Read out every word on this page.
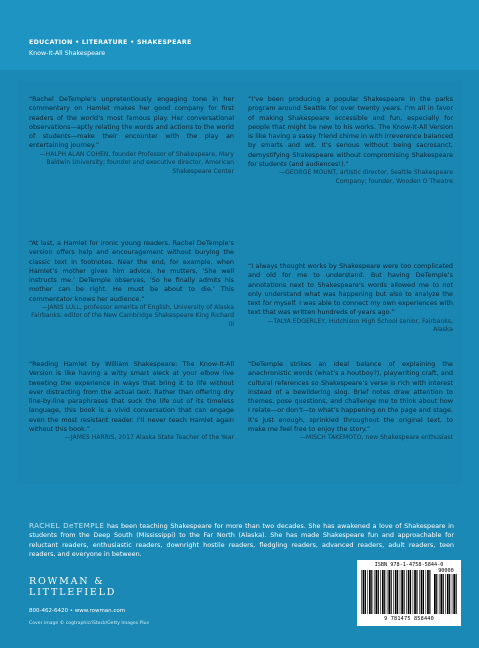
EDUCATION • LITERATURE • SHAKESPEARE
Know-It-All Shakespeare

“Rachel DeTemple’s unpretentiously engaging tone in her commentary on Hamlet makes her good company for first readers of the world’s most famous play. Her conversational observations—aptly relating the words and actions to the world of students—make their encounter with the play an entertaining journey.”

—HALPH ALAN COHEN, founder Professor of Shakespeare, Mary Baldwin University; founder and executive director, American Shakespeare Center

“At last, a Hamlet for ironic young readers. Rachel DeTemple’s version offers help and encouragement without burying the classic text in footnotes. Near the end, for example, when Hamlet’s mother gives him advice, he mutters, ‘She well instructs me.’ DeTemple observes, ‘So he finally admits his mother can be right. He must be about to die.’ This commentator knows her audience.”

—JANIS LULL, professor emerita of English, University of Alaska Fairbanks; editor of the New Cambridge Shakespeare King Richard III

“Reading Hamlet by William Shakespeare: The Know-It-All Version is like having a witty smart aleck at your elbow live tweeting the experience in ways that bring it to life without ever distracting from the actual text. Rather than offering dry line-by-line paraphrases that suck the life out of its timeless language, this book is a vivid conversation that can engage even the most resistant reader. I’ll never teach Hamlet again without this book.”

—JAMES HARRIS, 2017 Alaska State Teacher of the Year

“I’ve been producing a popular Shakespeare in the parks program around Seattle for over twenty years. I’m all in favor of making Shakespeare accessible and fun, especially for people that might be new to his works. The Know-It-All Version is like having a sassy friend chime in with irreverence balanced by smarts and wit. It’s serious without being sacrosanct, demystifying Shakespeare without compromising Shakespeare for students (and audiences!).”

—GEORGE MOUNT, artistic director, Seattle Shakespeare Company; founder, Wooden O Theatre

“I always thought works by Shakespeare were too complicated and old for me to understand. But having DeTemple’s annotations next to Shakespeare’s words allowed me to not only understand what was happening but also to analyze the text for myself. I was able to connect my own experiences with text that was written hundreds of years ago.”

—TALYA EDGERLEY, Hutchison High School senior, Fairbanks, Alaska

“DeTemple strikes an ideal balance of explaining the anachronistic words (what’s a houtboy?), playwriting craft, and cultural references so Shakespeare’s verse is rich with interest instead of a bewildering slog. Brief notes draw attention to themes, pose questions, and challenge me to think about how I relate—or don’t—to what’s happening on the page and stage. It’s just enough, sprinkled throughout the original text, to make me feel free to enjoy the story.”

—MISCH TAKEMOTO, new Shakespeare enthusiast

RACHEL DeTEMPLE has been teaching Shakespeare for more than two decades. She has awakened a love of Shakespeare in students from the Deep South (Mississippi) to the Far North (Alaska). She has made Shakespeare fun and approachable for reluctant readers, enthusiastic readers, downright hostile readers, fledgling readers, advanced readers, adult readers, teen readers, and everyone in between.
ROWMAN &
LITTLEFIELD
800-462-6420 • www.rowman.com
Cover image © cogtraphic/iStock/Getty Images Plus
ISBN 978-1-4758-5844-0
90000
9 781475 858440
